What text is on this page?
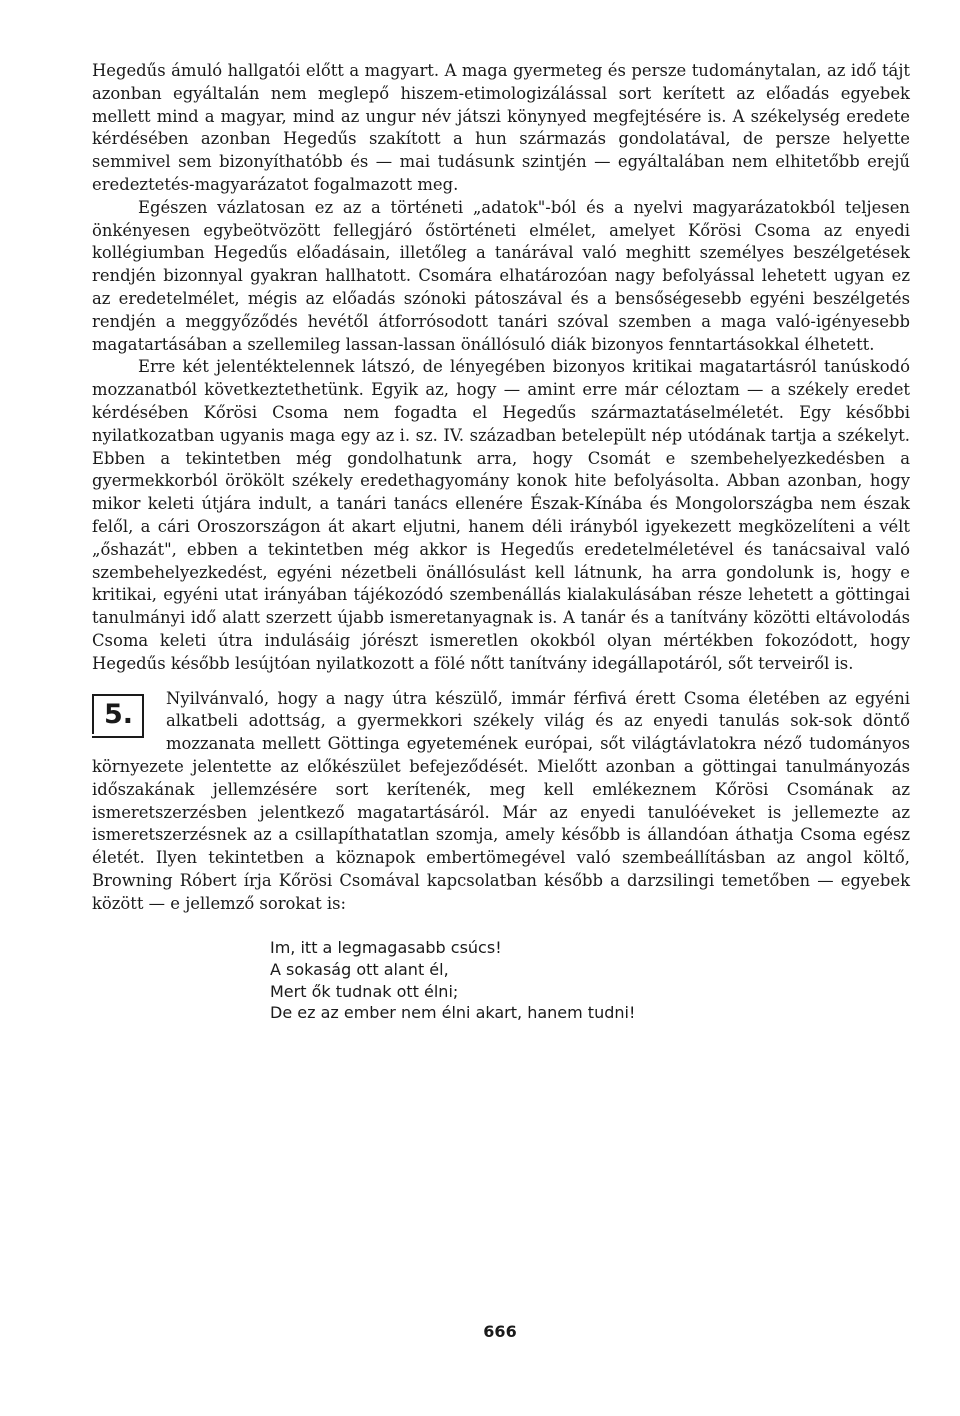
Hegedűs ámuló hallgatói előtt a magyart. A maga gyermeteg és persze tudománytalan, az idő tájt azonban egyáltalán nem meglepő hiszem-etimologizálással sort kerített az előadás egyebek mellett mind a magyar, mind az ungur név játszi könynyed megfejtésére is. A székelység eredete kérdésében azonban Hegedűs szakított a hun származás gondolatával, de persze helyette semmivel sem bizonyíthatóbb és — mai tudásunk szintjén — egyáltalában nem elhitetőbb erejű eredeztetés-magyarázatot fogalmazott meg.

Egészen vázlatosan ez az a történeti „adatok"-ból és a nyelvi magyarázatokból teljesen önkényesen egybeötvözött fellegjáró őstörténeti elmélet, amelyet Kőrösi Csoma az enyedi kollégiumban Hegedűs előadásain, illetőleg a tanárával való meghitt személyes beszélgetések rendjén bizonnyal gyakran hallhatott. Csomára elhatározóan nagy befolyással lehetett ugyan ez az eredetelmélet, mégis az előadás szónoki pátoszával és a bensőségesebb egyéni beszélgetés rendjén a meggyőződés hevétől átforrósodott tanári szóval szemben a maga való-igényesebb magatartásában a szellemileg lassan-lassan önállósuló diák bizonyos fenntartásokkal élhetett.

Erre két jelentéktelennek látszó, de lényegében bizonyos kritikai magatartásról tanúskodó mozzanatból következtethetünk. Egyik az, hogy — amint erre már céloztam — a székely eredet kérdésében Kőrösi Csoma nem fogadta el Hegedűs származtatáselméletét. Egy későbbi nyilatkozatban ugyanis maga egy az i. sz. IV. században betelepült nép utódának tartja a székelyt. Ebben a tekintetben még gondolhatunk arra, hogy Csomát e szembehelyezkedésben a gyermekkorból örökölt székely eredethagyomány konok hite befolyásolta. Abban azonban, hogy mikor keleti útjára indult, a tanári tanács ellenére Észak-Kínába és Mongolországba nem észak felől, a cári Oroszországon át akart eljutni, hanem déli irányból igyekezett megközelíteni a vélt „őshazát", ebben a tekintetben még akkor is Hegedűs eredetelméletével és tanácsaival való szembehelyezkedést, egyéni nézetbeli önállósulást kell látnunk, ha arra gondolunk is, hogy e kritikai, egyéni utat irányában tájékozódó szembenállás kialakulásában része lehetett a göttingai tanulmányi idő alatt szerzett újabb ismeretanyagnak is. A tanár és a tanítvány közötti eltávolodás Csoma keleti útra indulásáig jórészt ismeretlen okokból olyan mértékben fokozódott, hogy Hegedűs később lesújtóan nyilatkozott a fölé nőtt tanítvány idegállapotáról, sőt terveiről is.

5.

Nyilvánvaló, hogy a nagy útra készülő, immár férfivá érett Csoma életében az egyéni alkatbeli adottság, a gyermekkori székely világ és az enyedi tanulás sok-sok döntő mozzanata mellett Göttinga egyetemének európai, sőt világtávlatokra néző tudományos környezete jelentette az előkészület befejeződését. Mielőtt azonban a göttingai tanulmányozás időszakának jellemzésére sort kerítenék, meg kell emlékeznem Kőrösi Csomának az ismeretszerzésben jelentkező magatartásáról. Már az enyedi tanulóéveket is jellemezte az ismeretszerzésnek az a csillapíthatatlan szomja, amely később is állandóan áthatja Csoma egész életét. Ilyen tekintetben a köznapok embertömegével való szembeállításban az angol költő, Browning Róbert írja Kőrösi Csomával kapcsolatban később a darzsilingi temetőben — egyebek között — e jellemző sorokat is:

Im, itt a legmagasabb csúcs!
A sokaság ott alant él,
Mert ők tudnak ott élni;
De ez az ember nem élni akart, hanem tudni!
666
